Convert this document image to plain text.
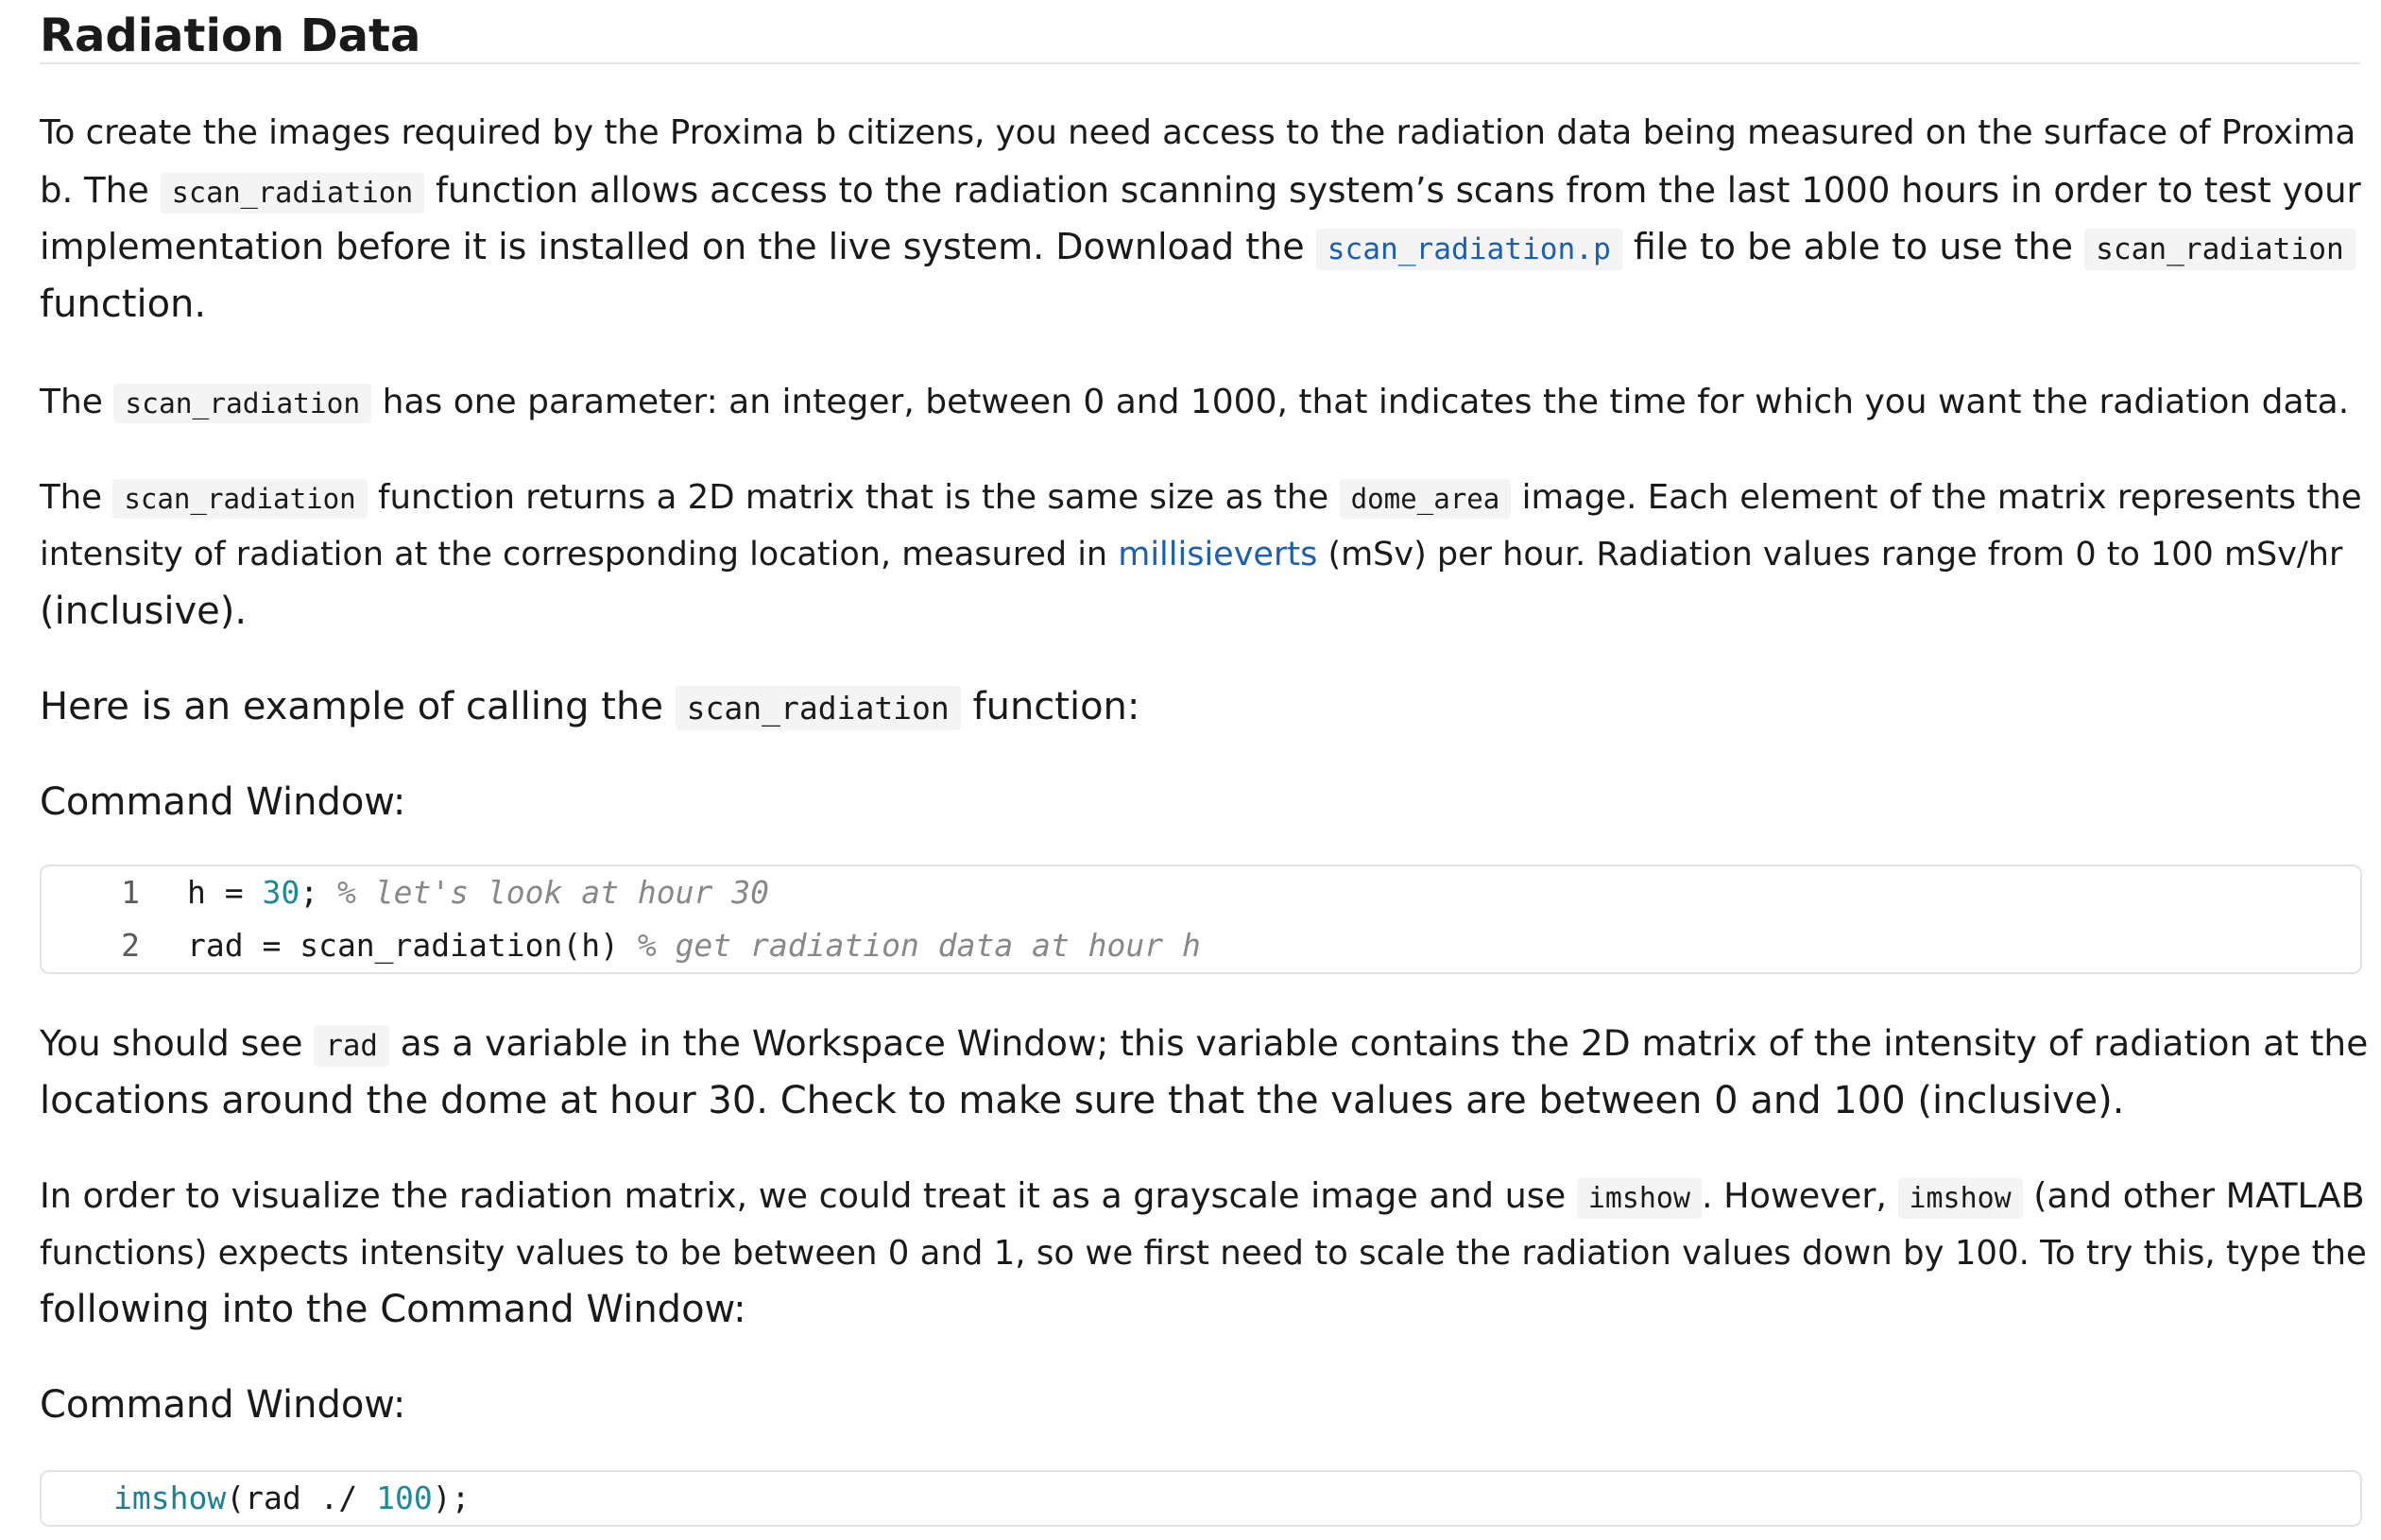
Radiation Data
To create the images required by the Proxima b citizens, you need access to the radiation data being measured on the surface of Proxima
b. The scan_radiation function allows access to the radiation scanning system’s scans from the last 1000 hours in order to test your
implementation before it is installed on the live system. Download the scan_radiation.p file to be able to use the scan_radiation
function.
The scan_radiation has one parameter: an integer, between 0 and 1000, that indicates the time for which you want the radiation data.
The scan_radiation function returns a 2D matrix that is the same size as the dome_area image. Each element of the matrix represents the
intensity of radiation at the corresponding location, measured in millisieverts (mSv) per hour. Radiation values range from 0 to 100 mSv/hr
(inclusive).
Here is an example of calling the scan_radiation function:
Command Window:
1 h = 30; % let's look at hour 30
2 rad = scan_radiation(h) % get radiation data at hour h
You should see rad as a variable in the Workspace Window; this variable contains the 2D matrix of the intensity of radiation at the
locations around the dome at hour 30. Check to make sure that the values are between 0 and 100 (inclusive).
In order to visualize the radiation matrix, we could treat it as a grayscale image and use imshow . However, imshow (and other MATLAB
functions) expects intensity values to be between 0 and 1, so we first need to scale the radiation values down by 100. To try this, type the
following into the Command Window:
Command Window:
imshow(rad ./ 100);
